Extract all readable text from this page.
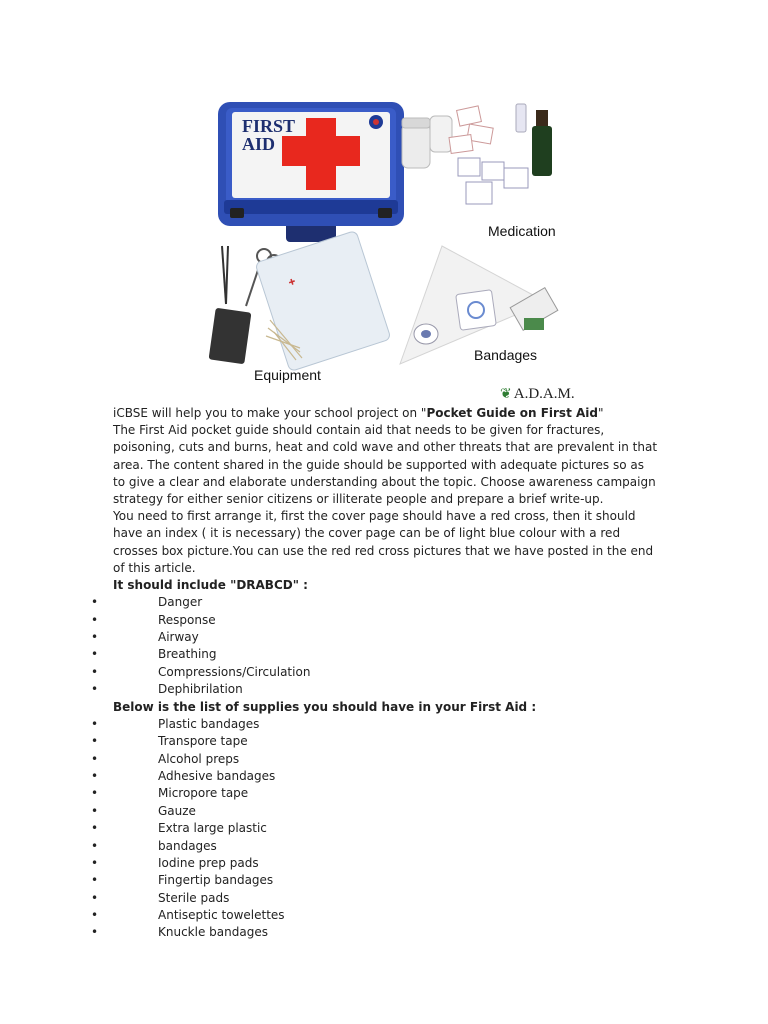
FIRST
AID
Medication
✚
Equipment
Bandages
❦ A.D.A.M.

iCBSE will help you to make your school project on "Pocket Guide on First Aid"

The First Aid pocket guide should contain aid that needs to be given for fractures, poisoning, cuts and burns, heat and cold wave and other threats that are prevalent in that area. The content shared in the guide should be supported with adequate pictures so as to give a clear and elaborate understanding about the topic. Choose awareness campaign strategy for either senior citizens or illiterate people and prepare a brief write-up.

You need to first arrange it, first the cover page should have a red cross, then it should have an index ( it is necessary) the cover page can be of light blue colour with a red crosses box picture.You can use the red red cross pictures that we have posted in the end of this article.

It should include "DRABCD" :

•	Danger
•	Response
•	Airway
•	Breathing
•	Compressions/Circulation
•	Dephibrilation

Below is the list of supplies you should have in your First Aid :

•	Plastic bandages
•	Transpore tape
•	Alcohol preps
•	Adhesive bandages
•	Micropore tape
•	Gauze
•	Extra large plastic
•	bandages
•	Iodine prep pads
•	Fingertip bandages
•	Sterile pads
•	Antiseptic towelettes
•	Knuckle bandages
